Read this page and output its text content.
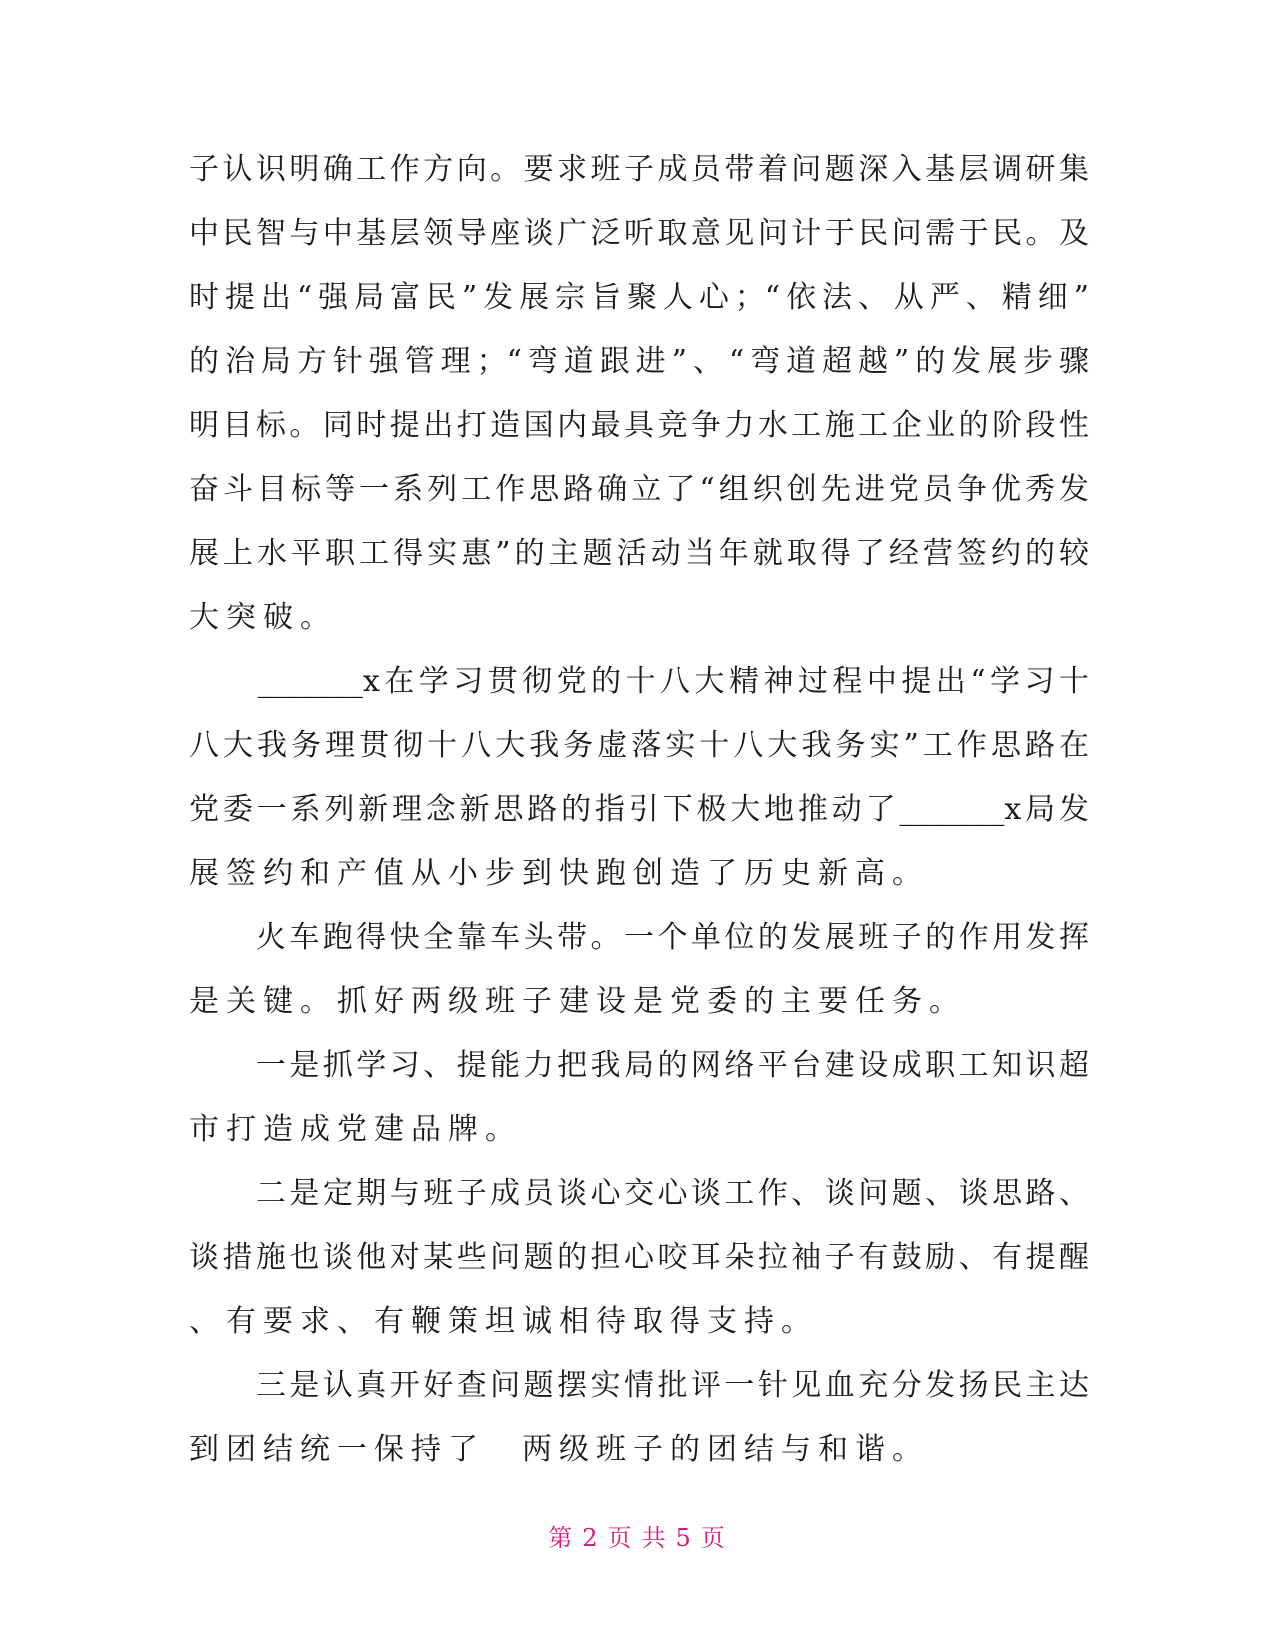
子认识明确工作方向。要求班子成员带着问题深入基层调研集
中民智与中基层领导座谈广泛听取意见问计于民问需于民。及
时提出“强局富民”发展宗旨聚人心；“依法、从严、精细”
的治局方针强管理；“弯道跟进”、“弯道超越”的发展步骤
明目标。同时提出打造国内最具竞争力水工施工企业的阶段性
奋斗目标等一系列工作思路确立了“组织创先进党员争优秀发
展上水平职工得实惠”的主题活动当年就取得了经营签约的较
大突破。
　　_______x在学习贯彻党的十八大精神过程中提出“学习十
八大我务理贯彻十八大我务虚落实十八大我务实”工作思路在
党委一系列新理念新思路的指引下极大地推动了_______x局发
展签约和产值从小步到快跑创造了历史新高。
　　火车跑得快全靠车头带。一个单位的发展班子的作用发挥
是关键。抓好两级班子建设是党委的主要任务。
　　一是抓学习、提能力把我局的网络平台建设成职工知识超
市打造成党建品牌。
　　二是定期与班子成员谈心交心谈工作、谈问题、谈思路、
谈措施也谈他对某些问题的担心咬耳朵拉袖子有鼓励、有提醒
、有要求、有鞭策坦诚相待取得支持。
　　三是认真开好查问题摆实情批评一针见血充分发扬民主达
到团结统一保持了　两级班子的团结与和谐。
第 2 页 共 5 页
